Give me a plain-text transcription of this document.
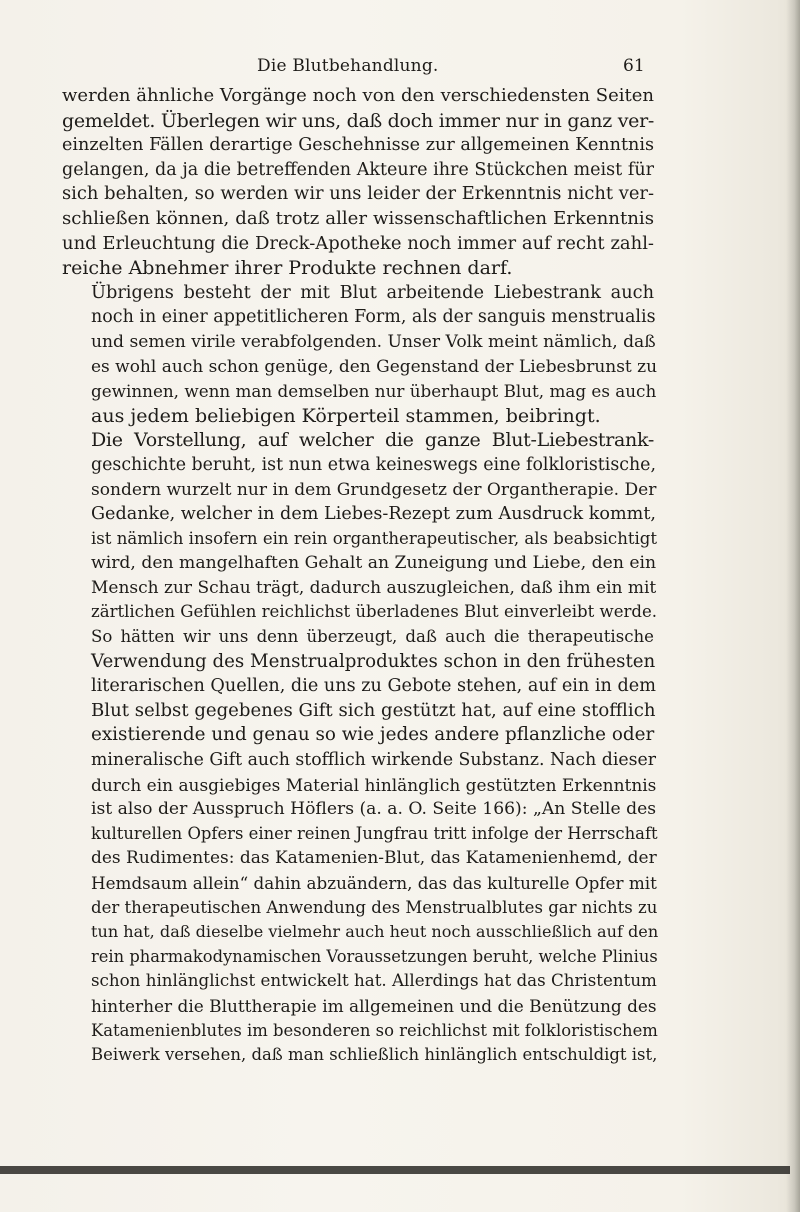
Die Blutbehandlung.	61

werden ähnliche Vorgänge noch von den verschiedensten Seiten
gemeldet. Überlegen wir uns, daß doch immer nur in ganz ver-
einzelten Fällen derartige Geschehnisse zur allgemeinen Kenntnis
gelangen, da ja die betreffenden Akteure ihre Stückchen meist für
sich behalten, so werden wir uns leider der Erkenntnis nicht ver-
schließen können, daß trotz aller wissenschaftlichen Erkenntnis
und Erleuchtung die Dreck-Apotheke noch immer auf recht zahl-
reiche Abnehmer ihrer Produkte rechnen darf.

Übrigens besteht der mit Blut arbeitende Liebestrank auch
noch in einer appetitlicheren Form, als der sanguis menstrualis
und semen virile verabfolgenden. Unser Volk meint nämlich, daß
es wohl auch schon genüge, den Gegenstand der Liebesbrunst zu
gewinnen, wenn man demselben nur überhaupt Blut, mag es auch
aus jedem beliebigen Körperteil stammen, beibringt.

Die Vorstellung, auf welcher die ganze Blut-Liebestrank-
geschichte beruht, ist nun etwa keineswegs eine folkloristische,
sondern wurzelt nur in dem Grundgesetz der Organtherapie. Der
Gedanke, welcher in dem Liebes-Rezept zum Ausdruck kommt,
ist nämlich insofern ein rein organtherapeutischer, als beabsichtigt
wird, den mangelhaften Gehalt an Zuneigung und Liebe, den ein
Mensch zur Schau trägt, dadurch auszugleichen, daß ihm ein mit
zärtlichen Gefühlen reichlichst überladenes Blut einverleibt werde.

So hätten wir uns denn überzeugt, daß auch die therapeutische
Verwendung des Menstrualproduktes schon in den frühesten
literarischen Quellen, die uns zu Gebote stehen, auf ein in dem
Blut selbst gegebenes Gift sich gestützt hat, auf eine stofflich
existierende und genau so wie jedes andere pflanzliche oder
mineralische Gift auch stofflich wirkende Substanz. Nach dieser
durch ein ausgiebiges Material hinlänglich gestützten Erkenntnis
ist also der Ausspruch Höflers (a. a. O. Seite 166): „An Stelle des
kulturellen Opfers einer reinen Jungfrau tritt infolge der Herrschaft
des Rudimentes: das Katamenien-Blut, das Katamenienhemd, der
Hemdsaum allein“ dahin abzuändern, das das kulturelle Opfer mit
der therapeutischen Anwendung des Menstrualblutes gar nichts zu
tun hat, daß dieselbe vielmehr auch heut noch ausschließlich auf den
rein pharmakodynamischen Voraussetzungen beruht, welche Plinius
schon hinlänglichst entwickelt hat. Allerdings hat das Christentum
hinterher die Bluttherapie im allgemeinen und die Benützung des
Katamenienblutes im besonderen so reichlichst mit folkloristischem
Beiwerk versehen, daß man schließlich hinlänglich entschuldigt ist,
